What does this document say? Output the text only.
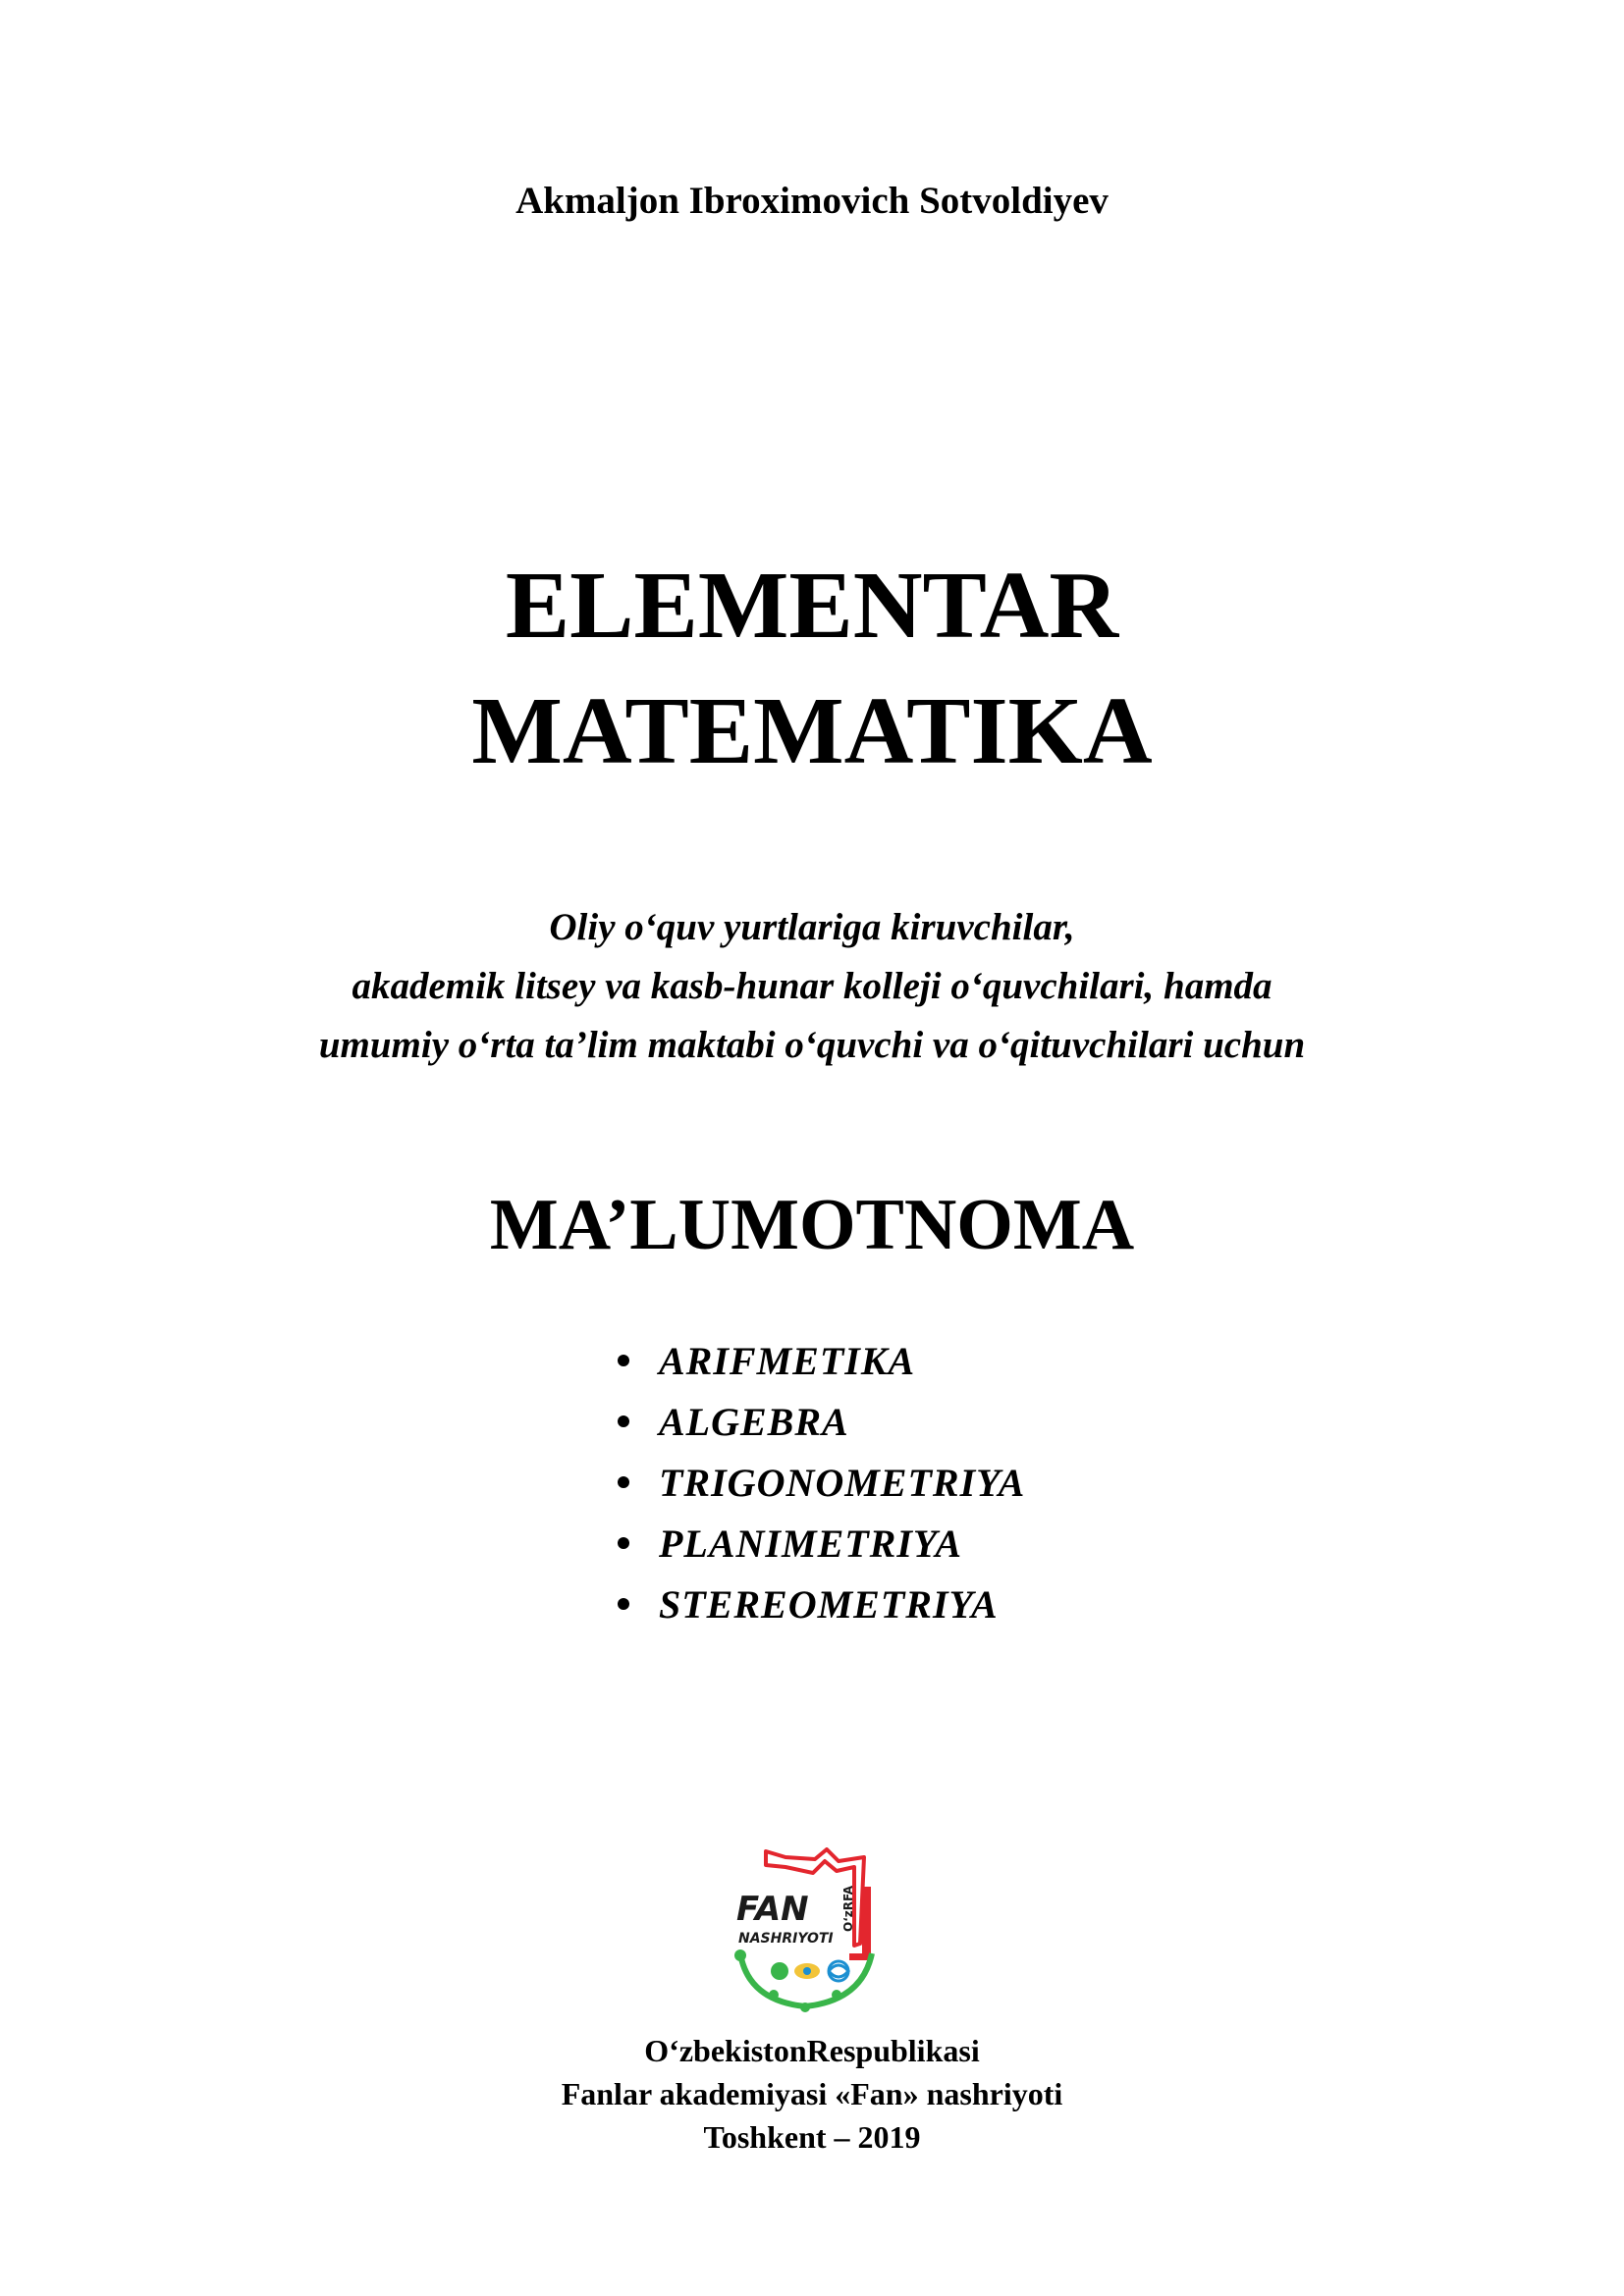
Akmaljon Ibroximovich Sotvoldiyev
ELEMENTAR
MATEMATIKA
Oliy o‘quv yurtlariga kiruvchilar,
akademik litsey va kasb-hunar kolleji o‘quvchilari, hamda
umumiy o‘rta ta’lim maktabi o‘quvchi va o‘qituvchilari uchun
MA’LUMOTNOMA
ARIFMETIKA
ALGEBRA
TRIGONOMETRIYA
PLANIMETRIYA
STEREOMETRIYA
FAN
NASHRIYOTI
O‘zRFA
O‘zbekistonRespublikasi
Fanlar akademiyasi «Fan» nashriyoti
Toshkent – 2019
